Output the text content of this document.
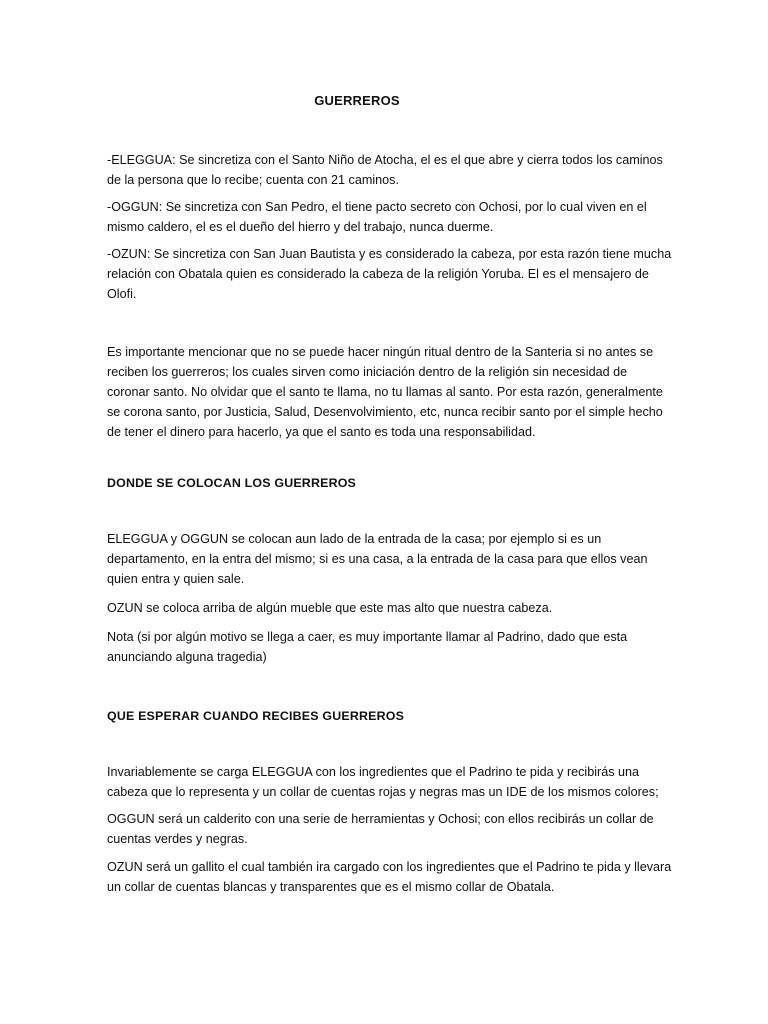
GUERREROS

-ELEGGUA: Se sincretiza con el Santo Niño de Atocha, el es el que abre y cierra todos los caminos de la persona que lo recibe; cuenta con 21 caminos.

-OGGUN: Se sincretiza con San Pedro, el tiene pacto secreto con Ochosi, por lo cual viven en el mismo caldero, el es el dueño del hierro y del trabajo, nunca duerme.

-OZUN: Se sincretiza con San Juan Bautista y es considerado la cabeza, por esta razón tiene mucha relación con Obatala quien es considerado la cabeza de la religión Yoruba. El es el mensajero de Olofi.

Es importante mencionar que no se puede hacer ningún ritual dentro de la Santeria si no antes se reciben los guerreros; los cuales sirven como iniciación dentro de la religión sin necesidad de coronar santo. No olvidar que el santo te llama, no tu llamas al santo. Por esta razón, generalmente se corona santo, por Justicia, Salud, Desenvolvimiento, etc, nunca recibir santo por el simple hecho de tener el dinero para hacerlo, ya que el santo es toda una responsabilidad.

DONDE SE COLOCAN LOS GUERREROS

ELEGGUA y OGGUN se colocan aun lado de la entrada de la casa; por ejemplo si es un departamento, en la entra del mismo; si es una casa, a la entrada de la casa para que ellos vean quien entra y quien sale.

OZUN se coloca arriba de algún mueble que este mas alto que nuestra cabeza.

Nota (si por algún motivo se llega a caer, es muy importante llamar al Padrino, dado que esta anunciando alguna tragedia)

QUE ESPERAR CUANDO RECIBES GUERREROS

Invariablemente se carga ELEGGUA con los ingredientes que el Padrino te pida y recibirás una cabeza que lo representa y un collar de cuentas rojas y negras mas un IDE de los mismos colores;

OGGUN será un calderito con una serie de herramientas y Ochosi; con ellos recibirás un collar de cuentas verdes y negras.

OZUN será un gallito el cual también ira cargado con los ingredientes que el Padrino te pida y llevara un collar de cuentas blancas y transparentes que es el mismo collar de Obatala.
